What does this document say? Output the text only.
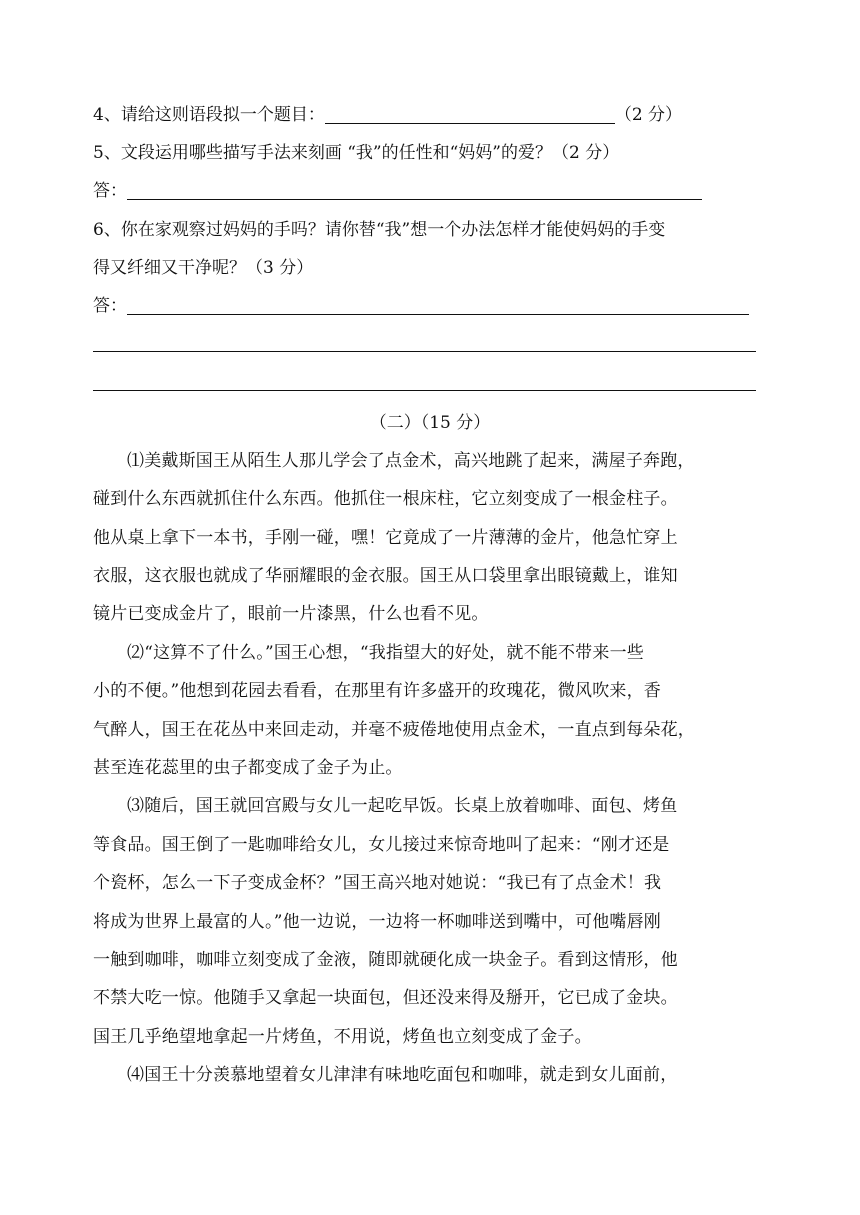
4、请给这则语段拟一个题目：	（2 分）
5、文段运用哪些描写手法来刻画 “我”的任性和“妈妈”的爱？（2 分）
答：
6、你在家观察过妈妈的手吗？请你替“我”想一个办法怎样才能使妈妈的手变
得又纤细又干净呢？（3 分）
答：
（二）（15 分）
⑴美戴斯国王从陌生人那儿学会了点金术，高兴地跳了起来，满屋子奔跑，
碰到什么东西就抓住什么东西。他抓住一根床柱，它立刻变成了一根金柱子。
他从桌上拿下一本书，手刚一碰，嘿！它竟成了一片薄薄的金片，他急忙穿上
衣服，这衣服也就成了华丽耀眼的金衣服。国王从口袋里拿出眼镜戴上，谁知
镜片已变成金片了，眼前一片漆黑，什么也看不见。
⑵“这算不了什么。”国王心想，“我指望大的好处，就不能不带来一些
小的不便。”他想到花园去看看，在那里有许多盛开的玫瑰花，微风吹来，香
气醉人，国王在花丛中来回走动，并毫不疲倦地使用点金术，一直点到每朵花，
甚至连花蕊里的虫子都变成了金子为止。
⑶随后，国王就回宫殿与女儿一起吃早饭。长桌上放着咖啡、面包、烤鱼
等食品。国王倒了一匙咖啡给女儿，女儿接过来惊奇地叫了起来：“刚才还是
个瓷杯，怎么一下子变成金杯？”国王高兴地对她说：“我已有了点金术！我
将成为世界上最富的人。”他一边说，一边将一杯咖啡送到嘴中，可他嘴唇刚
一触到咖啡，咖啡立刻变成了金液，随即就硬化成一块金子。看到这情形，他
不禁大吃一惊。他随手又拿起一块面包，但还没来得及掰开，它已成了金块。
国王几乎绝望地拿起一片烤鱼，不用说，烤鱼也立刻变成了金子。
⑷国王十分羡慕地望着女儿津津有味地吃面包和咖啡，就走到女儿面前，
